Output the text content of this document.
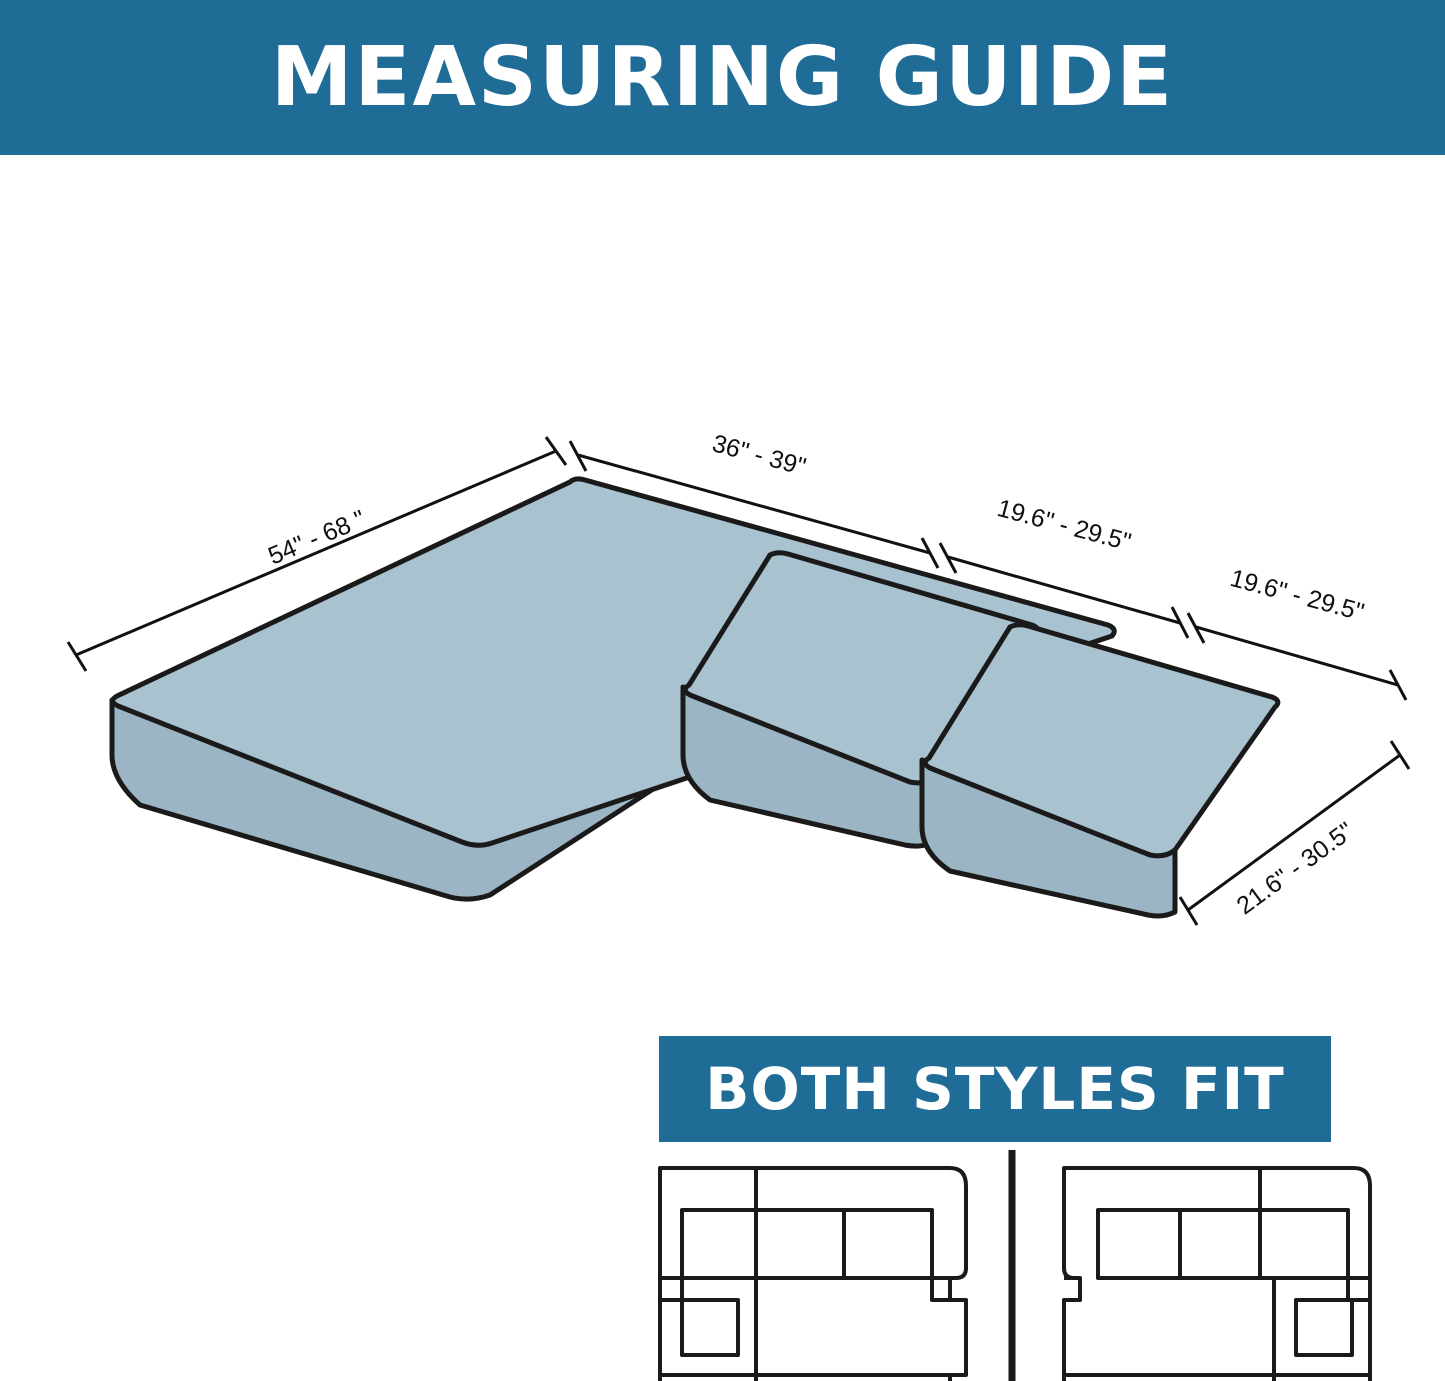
MEASURING GUIDE
54" - 68 "
36" - 39"
19.6" - 29.5"
19.6" - 29.5"
21.6" - 30.5"
BOTH STYLES FIT
